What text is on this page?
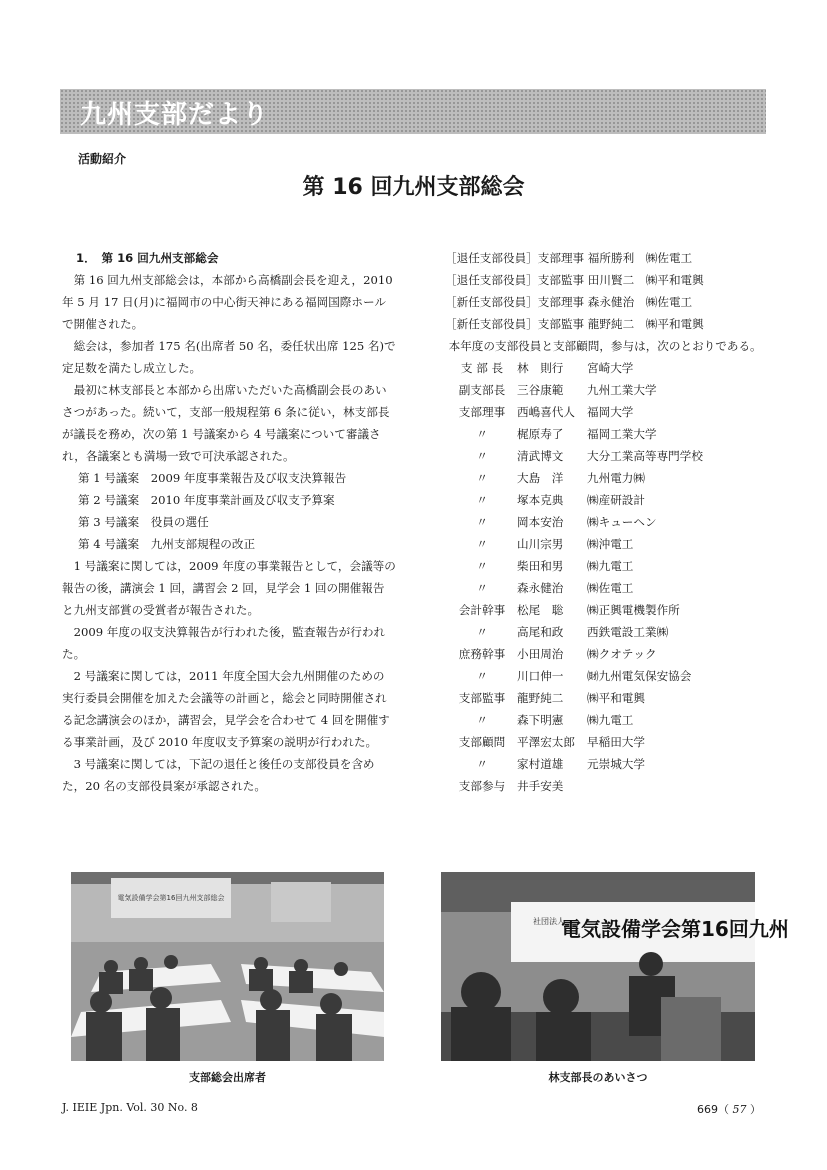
九州支部だより
活動紹介
第 16 回九州支部総会

1．　第 16 回九州支部総会

第 16 回九州支部総会は，本部から高橋副会長を迎え，2010 年 5 月 17 日(月)に福岡市の中心街天神にある福岡国際ホールで開催された。

総会は，参加者 175 名(出席者 50 名，委任状出席 125 名)で定足数を満たし成立した。

最初に林支部長と本部から出席いただいた高橋副会長のあいさつがあった。続いて，支部一般規程第 6 条に従い，林支部長が議長を務め，次の第 1 号議案から 4 号議案について審議され，各議案とも満場一致で可決承認された。

第 1 号議案　2009 年度事業報告及び収支決算報告

第 2 号議案　2010 年度事業計画及び収支予算案

第 3 号議案　役員の選任

第 4 号議案　九州支部規程の改正

1 号議案に関しては，2009 年度の事業報告として，会議等の報告の後，講演会 1 回，講習会 2 回，見学会 1 回の開催報告と九州支部賞の受賞者が報告された。

2009 年度の収支決算報告が行われた後，監査報告が行われた。

2 号議案に関しては，2011 年度全国大会九州開催のための実行委員会開催を加えた会議等の計画と，総会と同時開催される記念講演会のほか，講習会，見学会を合わせて 4 回を開催する事業計画，及び 2010 年度収支予算案の説明が行われた。

3 号議案に関しては，下記の退任と後任の支部役員を含めた，20 名の支部役員案が承認された。

［退任支部役員］支部理事 福所勝利　㈱佐電工

［退任支部役員］支部監事 田川賢二　㈱平和電興

［新任支部役員］支部理事 森永健治　㈱佐電工

［新任支部役員］支部監事 龍野純二　㈱平和電興

本年度の支部役員と支部顧問，参与は，次のとおりである。

支 部 長	林　則行	宮崎大学
副支部長	三谷康範	九州工業大学
支部理事	西嶋喜代人	福岡大学
〃	梶原寿了	福岡工業大学
〃	清武博文	大分工業高等専門学校
〃	大島　洋	九州電力㈱
〃	塚本克典	㈱産研設計
〃	岡本安治	㈱キューヘン
〃	山川宗男	㈱沖電工
〃	柴田和男	㈱九電工
〃	森永健治	㈱佐電工
会計幹事	松尾　聡	㈱正興電機製作所
〃	高尾和政	西鉄電設工業㈱
庶務幹事	小田周治	㈱クオテック
〃	川口伸一	㈶九州電気保安協会
支部監事	龍野純二	㈱平和電興
〃	森下明憲	㈱九電工
支部顧問	平澤宏太郎	早稲田大学
〃	家村道雄	元崇城大学
支部参与	井手安美
電気設備学会第16回九州支部総会
社団法人
電気設備学会第16回九州
支部総会出席者	林支部長のあいさつ
J. IEIE Jpn. Vol. 30 No. 8	669（ 57 ）
